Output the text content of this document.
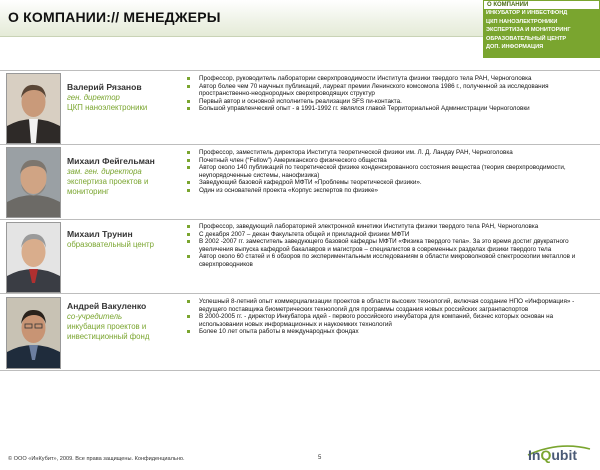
О КОМПАНИИ:// МЕНЕДЖЕРЫ
О КОМПАНИИ
ИНКУБАТОР И ИНВЕСТФОНД
ЦКП НАНОЭЛЕКТРОНИКИ
ЭКСПЕРТИЗА И МОНИТОРИНГ
ОБРАЗОВАТЕЛЬНЫЙ ЦЕНТР
ДОП. ИНФОРМАЦИЯ
Валерий Рязанов
ген. директор
ЦКП наноэлектроники
Профессор, руководитель лаборатории сверхпроводимости Института физики твердого тела РАН, Черноголовка
Автор более чем 70 научных публикаций, лауреат премии Ленинского комсомола 1986 г., полученной за исследования пространственно-неоднородных сверхпроводящих структур
Первый автор и основной исполнитель реализации SFS пи-контакта.
Большой управленческий опыт - в 1991-1992 гг. являлся главой Территориальной Администрации Черноголовки
Михаил Фейгельман
зам. ген. директора
экспертиза проектов и мониторинг
Профессор, заместитель директора Института теоретической физики им. Л. Д. Ландау РАН, Черноголовка
Почетный член (“Fellow”) Американского физического общества
Автор около 140 публикаций по теоретической физике конденсированного состояния вещества (теория сверхпроводимости, неупорядоченные системы, нанофизика)
Заведующий базовой кафедрой МФТИ «Проблемы теоретической физики».
Один из основателей проекта «Корпус экспертов по физике»
Михаил Трунин
образовательный центр
Профессор, заведующий лабораторией электронной кинетики Института физики твердого тела РАН, Черноголовка
С декабря 2007 – декан Факультета общей и прикладной физики МФТИ
В 2002 -2007 гг. заместитель заведующего базовой кафедры МФТИ «Физика твердого тела». За это время достиг двукратного увеличения выпуска кафедрой бакалавров и магистров – специалистов в современных разделах физики твердого тела
Автор около 60 статей и 6 обзоров по экспериментальным исследованиям в области микроволновой спектроскопии металлов и сверхпроводников
Андрей Вакуленко
со-учредитель
инкубация проектов и инвестиционный фонд
Успешный 8-летний опыт коммерциализации проектов в области высоких технологий, включая создание НПО «Информация» - ведущего поставщика биометрических технологий для программы создания новых российских загранпаспортов
В 2000-2005 гг. - директор Инкубатора идей - первого российского инкубатора для компаний, бизнес которых основан на использовании новых информационных и наукоемких технологий
Более 10 лет опыта работы в международных фондах
© ООО «ИнКубит», 2009. Все права защищены. Конфиденциально.	5	InQubit
